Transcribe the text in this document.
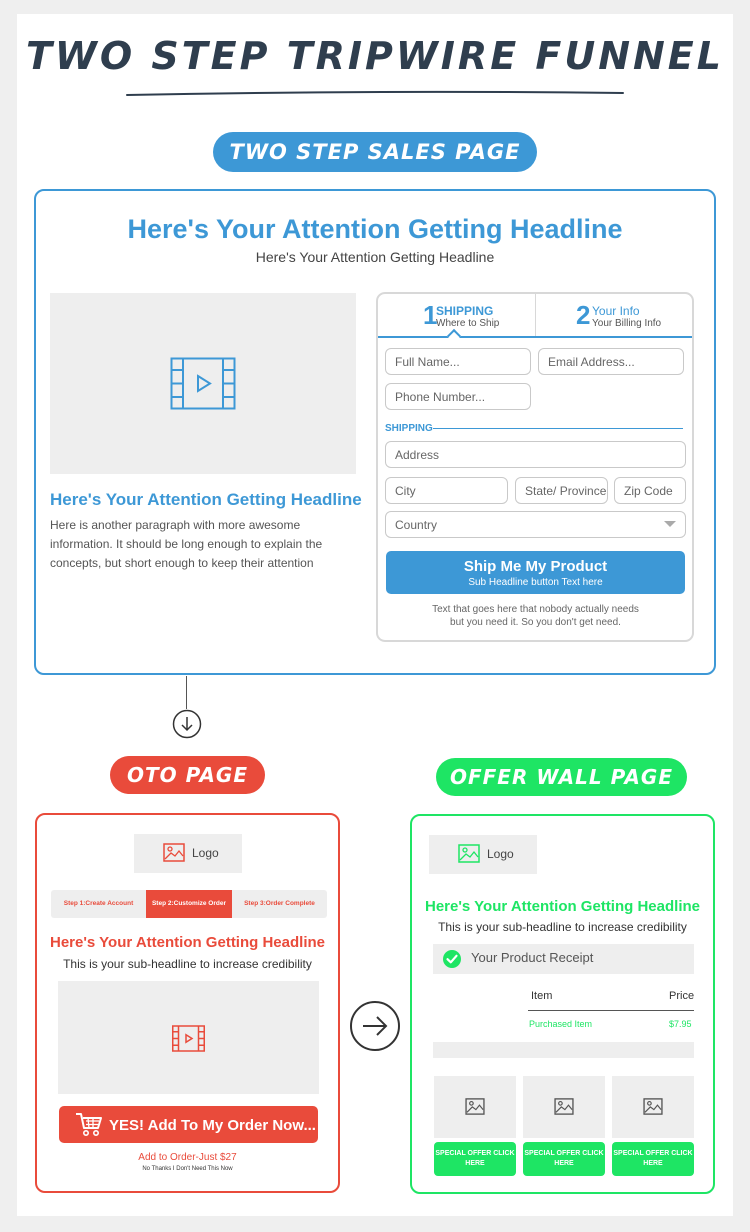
TWO STEP TRIPWIRE FUNNEL
TWO STEP SALES PAGE
Here's Your Attention Getting Headline
Here's Your Attention Getting Headline
Here's Your Attention Getting Headline
Here is another paragraph with more awesome information. It should be long enough to explain the concepts, but short enough to keep their attention
1
SHIPPING
Where to Ship	2 Your Info
Your Billing Info
Full Name...	Email Address...
Phone Number...
SHIPPING
Address
City	State/ Province	Zip Code
Country
Ship Me My Product
Sub Headline button Text here
Text that goes here that nobody actually needs
but you need it. So you don't get need.
OTO PAGE	OFFER WALL PAGE
Logo
Step 1:Create Account	Step 2:Customize Order	Step 3:Order Complete
Here's Your Attention Getting Headline
This is your sub-headline to increase credibility
YES! Add To My Order Now...
Add to Order-Just $27
No Thanks I Don't Need This Now
Logo
Here's Your Attention Getting Headline
This is your sub-headline to increase credibility
Your Product Receipt
Item	Price
Purchased Item	$7.95
SPECIAL OFFER CLICK HERE
SPECIAL OFFER CLICK HERE
SPECIAL OFFER CLICK HERE
